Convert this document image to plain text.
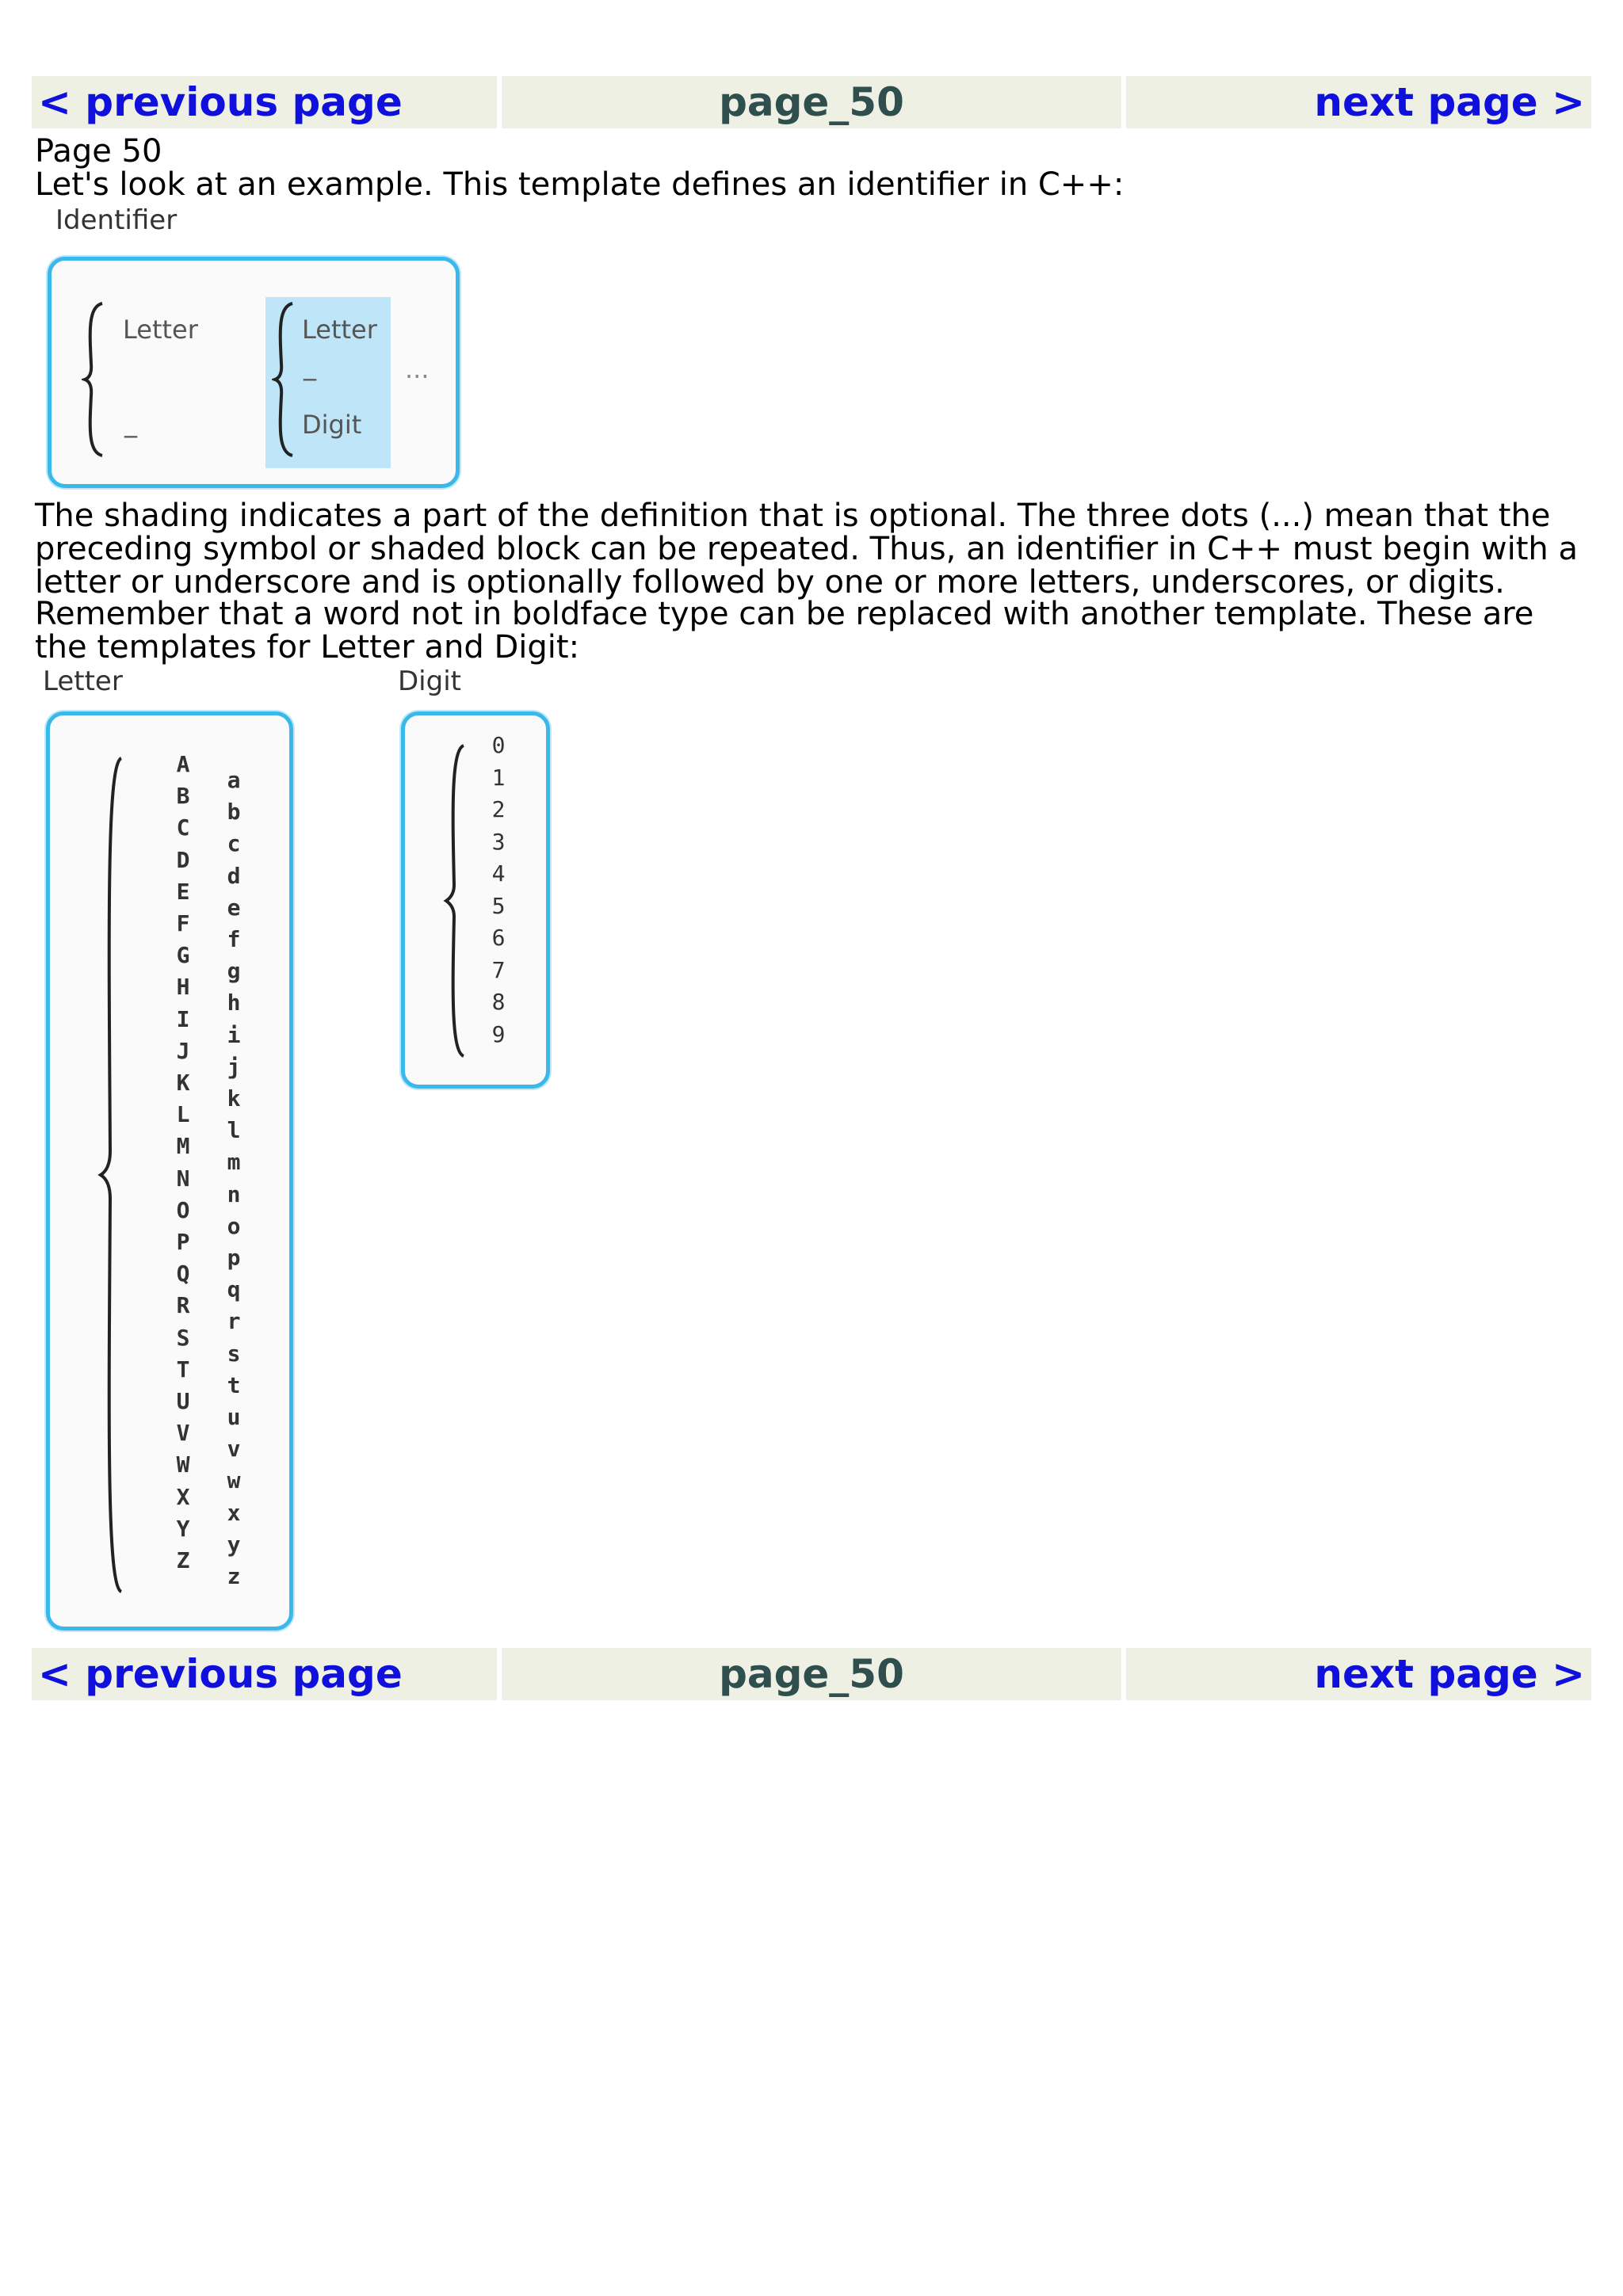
< previous page	page_50	next page >
Page 50
Let's look at an example. This template defines an identifier in C++:
Identifier
Letter
_
Letter
_
Digit
...
The shading indicates a part of the definition that is optional. The three dots (...) mean that the preceding symbol or shaded block can be repeated. Thus, an identifier in C++ must begin with a letter or underscore and is optionally followed by one or more letters, underscores, or digits.
Remember that a word not in boldface type can be replaced with another template. These are the templates for Letter and Digit:
Letter
A
B
C
D
E
F
G
H
I
J
K
L
M
N
O
P
Q
R
S
T
U
V
W
X
Y
Z
a
b
c
d
e
f
g
h
i
j
k
l
m
n
o
p
q
r
s
t
u
v
w
x
y
z
Digit
0
1
2
3
4
5
6
7
8
9
< previous page	page_50	next page >
